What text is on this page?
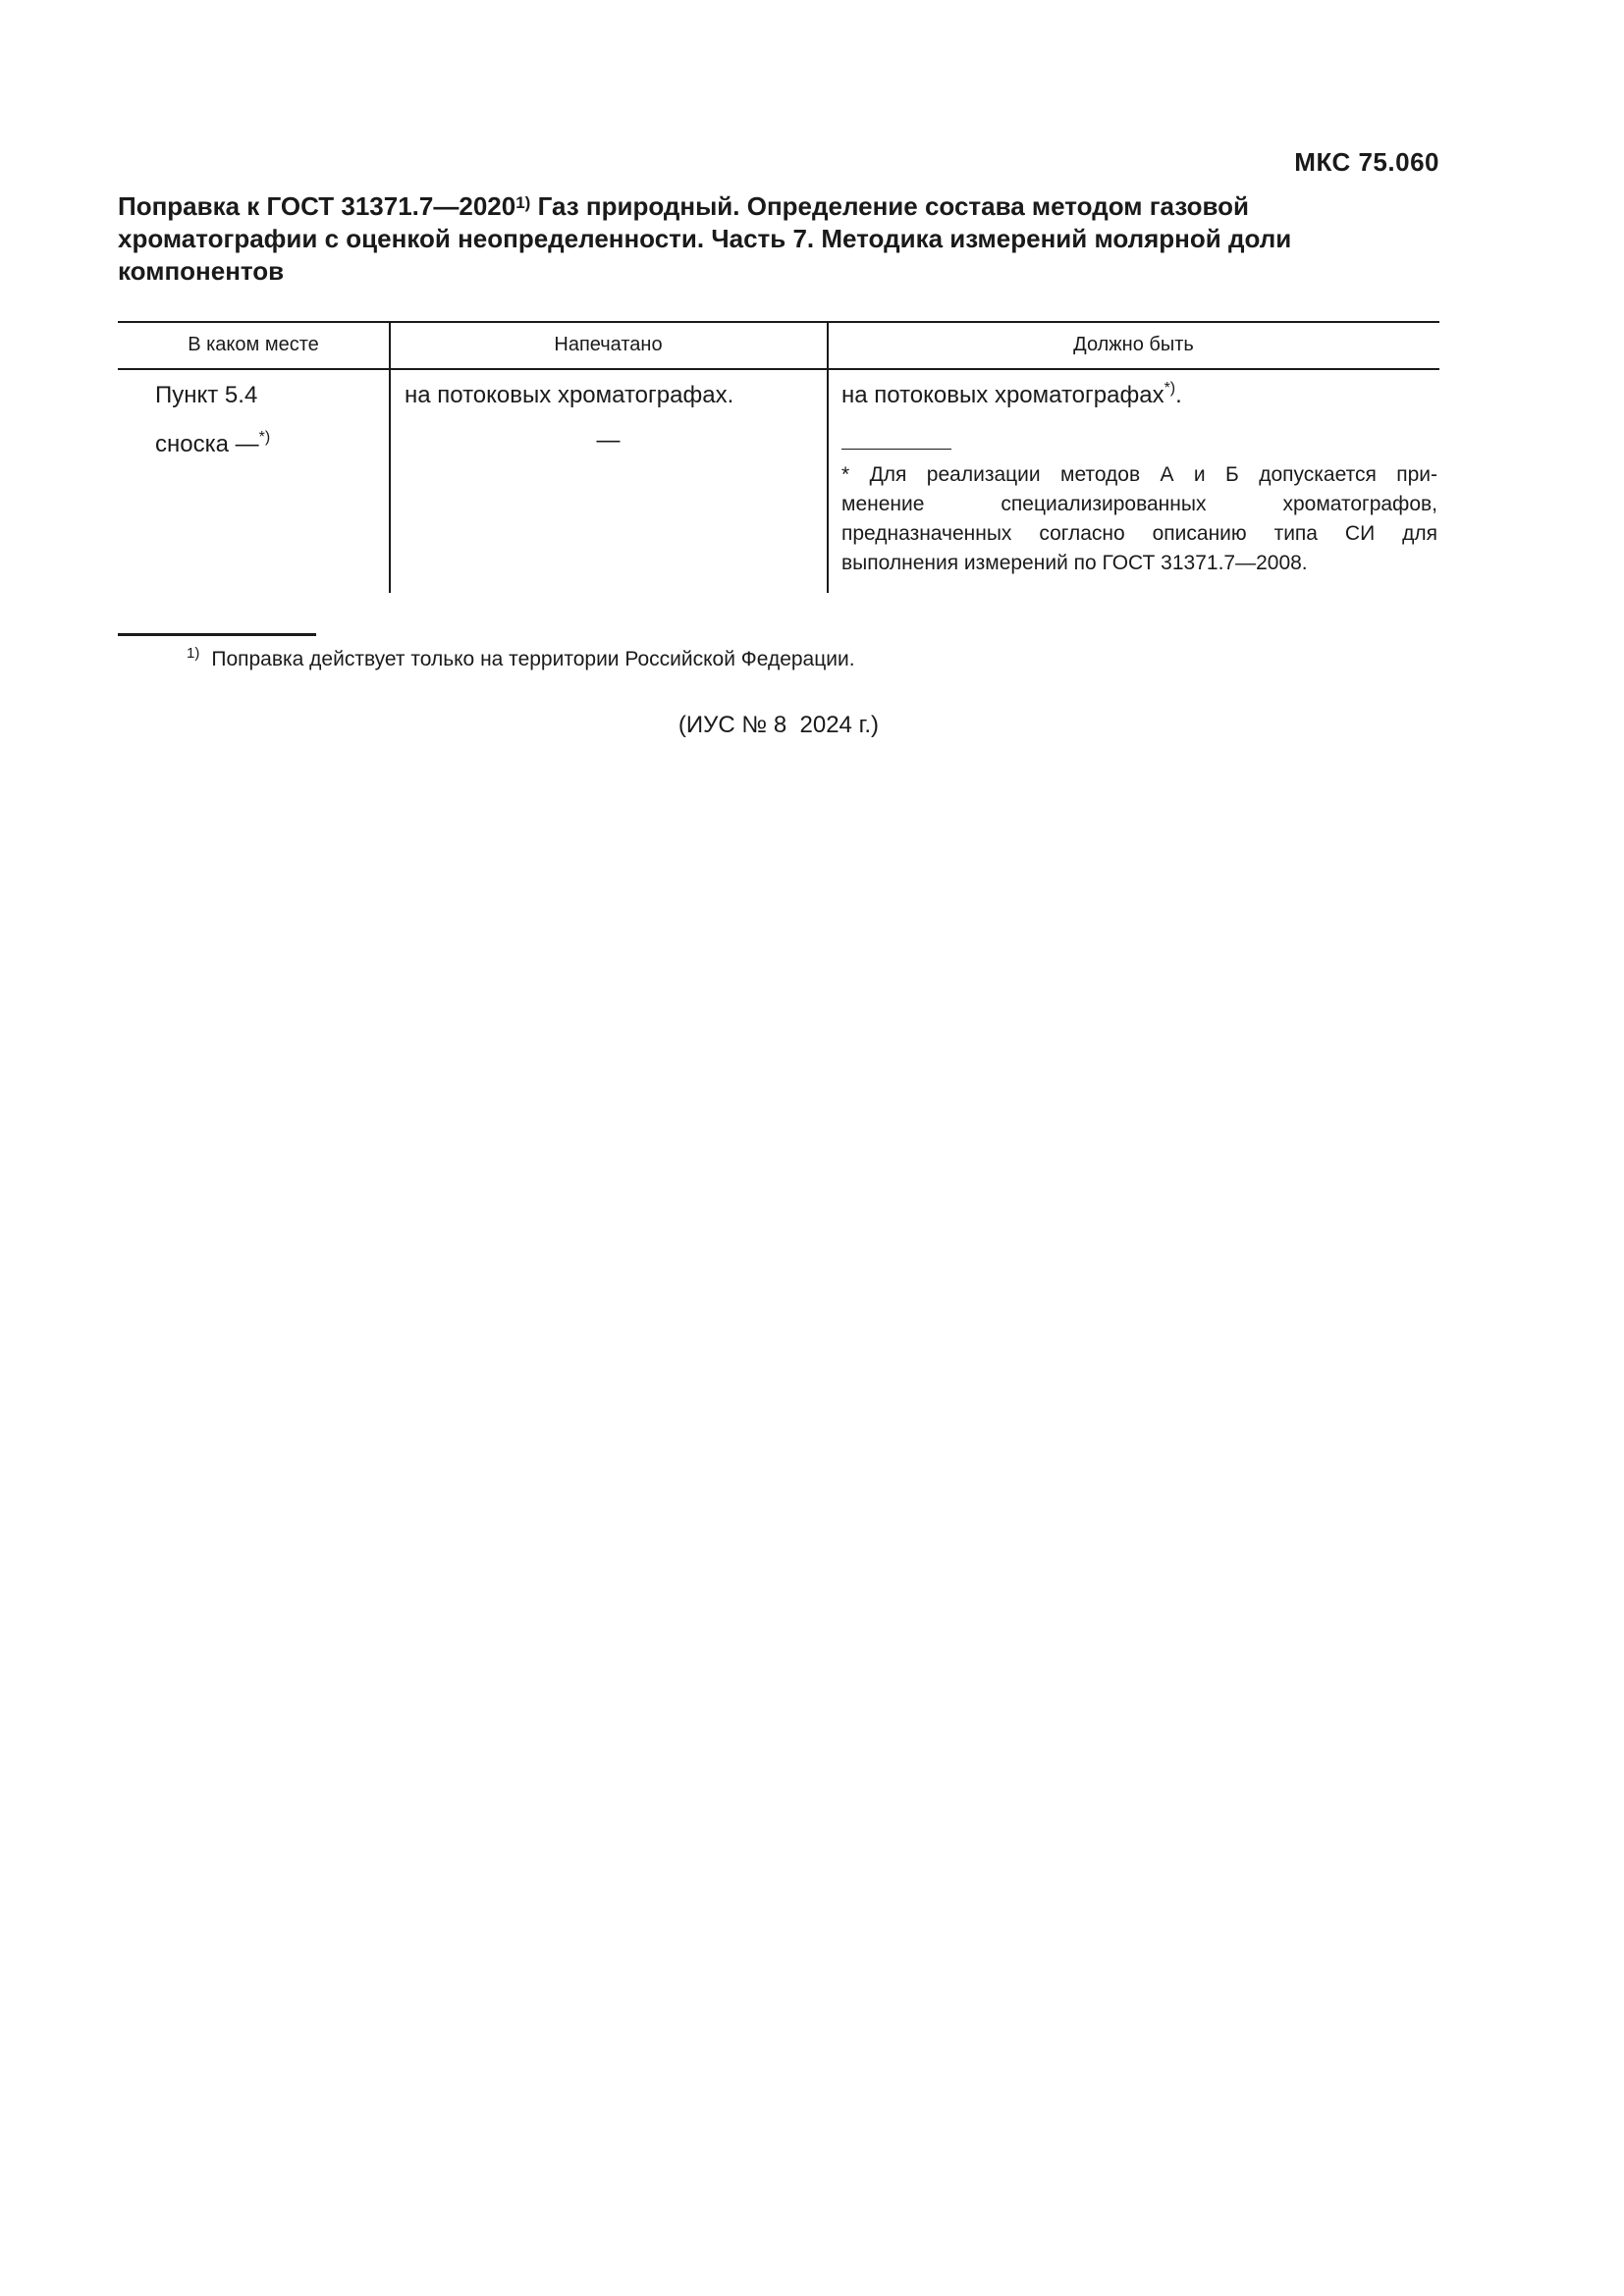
МКС 75.060
Поправка к ГОСТ 31371.7—2020$^{1)}$ Газ природный. Определение состава методом газовой
хроматографии с оценкой неопределенности. Часть 7. Методика измерений молярной доли
компонентов
В каком месте	Напечатано	Должно быть
Пункт 5.4	на потоковых хроматографах.	на потоковых хроматографах*).
сноска —*)	—
* Для реализации методов А и Б допускается при-
менение специализированных хроматографов,
предназначенных согласно описанию типа СИ для
выполнения измерений по ГОСТ 31371.7—2008.
$^{1)}$ Поправка действует только на территории Российской Федерации.
(ИУС № 8  2024 г.)
